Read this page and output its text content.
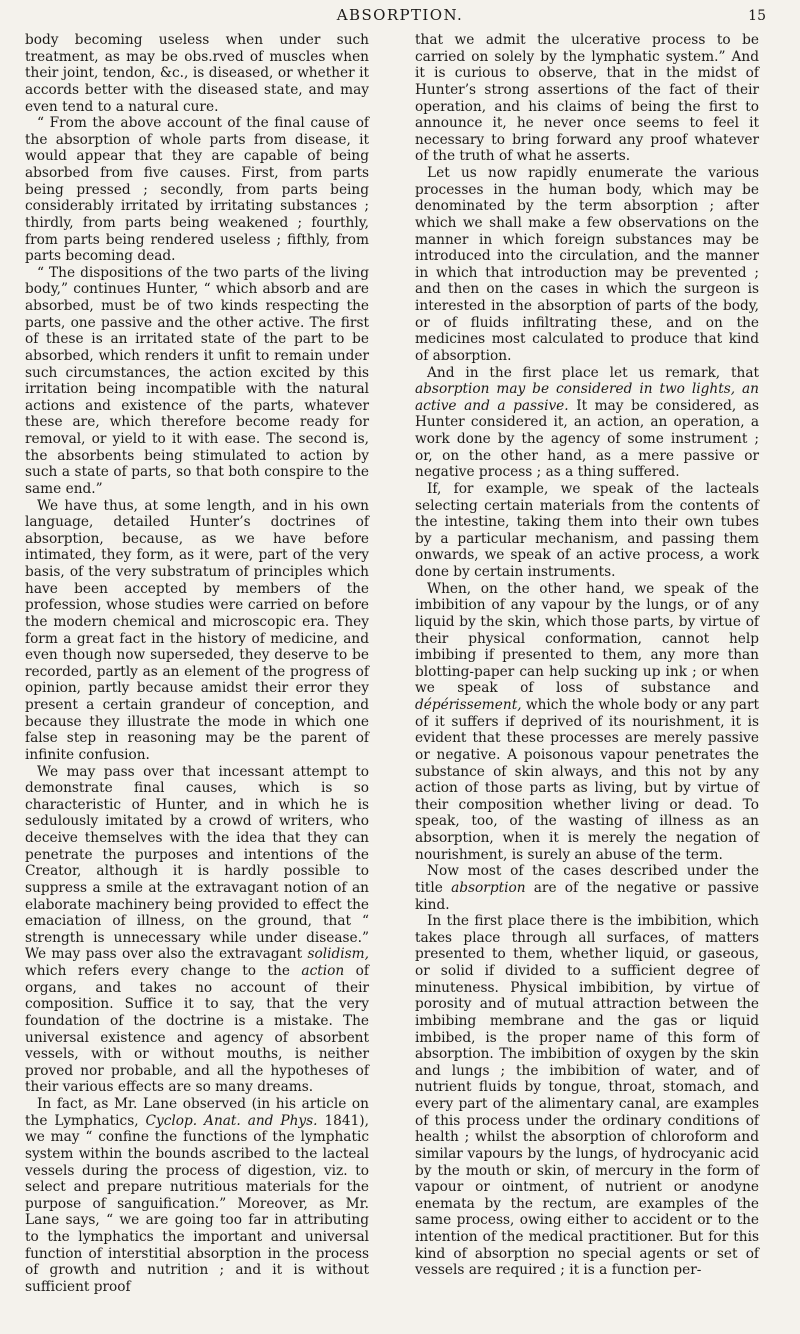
ABSORPTION.	15

body becoming useless when under such treatment, as may be obs.rved of muscles when their joint, tendon, &c., is diseased, or whether it accords better with the diseased state, and may even tend to a natural cure.

“ From the above account of the final cause of the absorption of whole parts from disease, it would appear that they are capable of being absorbed from five causes. First, from parts being pressed ; secondly, from parts being considerably irritated by irritating substances ; thirdly, from parts being weakened ; fourthly, from parts being rendered useless ; fifthly, from parts becoming dead.

“ The dispositions of the two parts of the living body,” continues Hunter, “ which absorb and are absorbed, must be of two kinds respecting the parts, one passive and the other active. The first of these is an irritated state of the part to be absorbed, which renders it unfit to remain under such circumstances, the action excited by this irritation being incompatible with the natural actions and existence of the parts, whatever these are, which therefore become ready for removal, or yield to it with ease. The second is, the absorbents being stimulated to action by such a state of parts, so that both conspire to the same end.”

We have thus, at some length, and in his own language, detailed Hunter’s doctrines of absorption, because, as we have before intimated, they form, as it were, part of the very basis, of the very substratum of principles which have been accepted by members of the profession, whose studies were carried on before the modern chemical and microscopic era. They form a great fact in the history of medicine, and even though now superseded, they deserve to be recorded, partly as an element of the progress of opinion, partly because amidst their error they present a certain grandeur of conception, and because they illustrate the mode in which one false step in reasoning may be the parent of infinite confusion.

We may pass over that incessant attempt to demonstrate final causes, which is so characteristic of Hunter, and in which he is sedulously imitated by a crowd of writers, who deceive themselves with the idea that they can penetrate the purposes and intentions of the Creator, although it is hardly possible to suppress a smile at the extravagant notion of an elaborate machinery being provided to effect the emaciation of illness, on the ground, that “ strength is unnecessary while under disease.” We may pass over also the extravagant solidism, which refers every change to the action of organs, and takes no account of their composition. Suffice it to say, that the very foundation of the doctrine is a mistake. The universal existence and agency of absorbent vessels, with or without mouths, is neither proved nor probable, and all the hypotheses of their various effects are so many dreams.

In fact, as Mr. Lane observed (in his article on the Lymphatics, Cyclop. Anat. and Phys. 1841), we may “ confine the functions of the lymphatic system within the bounds ascribed to the lacteal vessels during the process of digestion, viz. to select and prepare nutritious materials for the purpose of sanguification.” Moreover, as Mr. Lane says, “ we are going too far in attributing to the lymphatics the important and universal function of interstitial absorption in the process of growth and nutrition ; and it is without sufficient proof

that we admit the ulcerative process to be carried on solely by the lymphatic system.” And it is curious to observe, that in the midst of Hunter’s strong assertions of the fact of their operation, and his claims of being the first to announce it, he never once seems to feel it necessary to bring forward any proof whatever of the truth of what he asserts.

Let us now rapidly enumerate the various processes in the human body, which may be denominated by the term absorption ; after which we shall make a few observations on the manner in which foreign substances may be introduced into the circulation, and the manner in which that introduction may be prevented ; and then on the cases in which the surgeon is interested in the absorption of parts of the body, or of fluids infiltrating these, and on the medicines most calculated to produce that kind of absorption.

And in the first place let us remark, that absorption may be considered in two lights, an active and a passive. It may be considered, as Hunter considered it, an action, an operation, a work done by the agency of some instrument ; or, on the other hand, as a mere passive or negative process ; as a thing suffered.

If, for example, we speak of the lacteals selecting certain materials from the contents of the intestine, taking them into their own tubes by a particular mechanism, and passing them onwards, we speak of an active process, a work done by certain instruments.

When, on the other hand, we speak of the imbibition of any vapour by the lungs, or of any liquid by the skin, which those parts, by virtue of their physical conformation, cannot help imbibing if presented to them, any more than blotting-paper can help sucking up ink ; or when we speak of loss of substance and dépérissement, which the whole body or any part of it suffers if deprived of its nourishment, it is evident that these processes are merely passive or negative. A poisonous vapour penetrates the substance of skin always, and this not by any action of those parts as living, but by virtue of their composition whether living or dead. To speak, too, of the wasting of illness as an absorption, when it is merely the negation of nourishment, is surely an abuse of the term.

Now most of the cases described under the title absorption are of the negative or passive kind.

In the first place there is the imbibition, which takes place through all surfaces, of matters presented to them, whether liquid, or gaseous, or solid if divided to a sufficient degree of minuteness. Physical imbibition, by virtue of porosity and of mutual attraction between the imbibing membrane and the gas or liquid imbibed, is the proper name of this form of absorption. The imbibition of oxygen by the skin and lungs ; the imbibition of water, and of nutrient fluids by tongue, throat, stomach, and every part of the alimentary canal, are examples of this process under the ordinary conditions of health ; whilst the absorption of chloroform and similar vapours by the lungs, of hydrocyanic acid by the mouth or skin, of mercury in the form of vapour or ointment, of nutrient or anodyne enemata by the rectum, are examples of the same process, owing either to accident or to the intention of the medical practitioner. But for this kind of absorption no special agents or set of vessels are required ; it is a function per-
